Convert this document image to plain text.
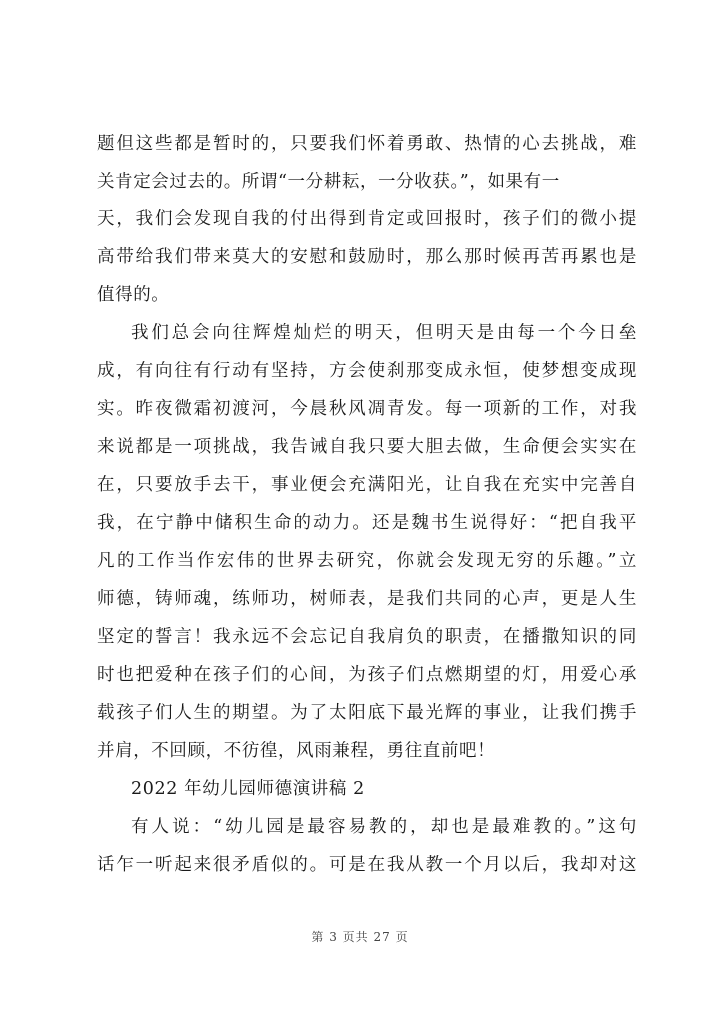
题但这些都是暂时的，只要我们怀着勇敢、热情的心去挑战，难
关肯定会过去的。所谓“一分耕耘，一分收获。”，如果有一
天，我们会发现自我的付出得到肯定或回报时，孩子们的微小提
高带给我们带来莫大的安慰和鼓励时，那么那时候再苦再累也是
值得的。
我们总会向往辉煌灿烂的明天，但明天是由每一个今日垒
成，有向往有行动有坚持，方会使刹那变成永恒，使梦想变成现
实。昨夜微霜初渡河，今晨秋风凋青发。每一项新的工作，对我
来说都是一项挑战，我告诫自我只要大胆去做，生命便会实实在
在，只要放手去干，事业便会充满阳光，让自我在充实中完善自
我，在宁静中储积生命的动力。还是魏书生说得好：“把自我平
凡的工作当作宏伟的世界去研究，你就会发现无穷的乐趣。”立
师德，铸师魂，练师功，树师表，是我们共同的心声，更是人生
坚定的誓言！我永远不会忘记自我肩负的职责，在播撒知识的同
时也把爱种在孩子们的心间，为孩子们点燃期望的灯，用爱心承
载孩子们人生的期望。为了太阳底下最光辉的事业，让我们携手
并肩，不回顾，不彷徨，风雨兼程，勇往直前吧！
2022 年幼儿园师德演讲稿 2
有人说：“幼儿园是最容易教的，却也是最难教的。”这句
话乍一听起来很矛盾似的。可是在我从教一个月以后，我却对这
第 3 页共 27 页
